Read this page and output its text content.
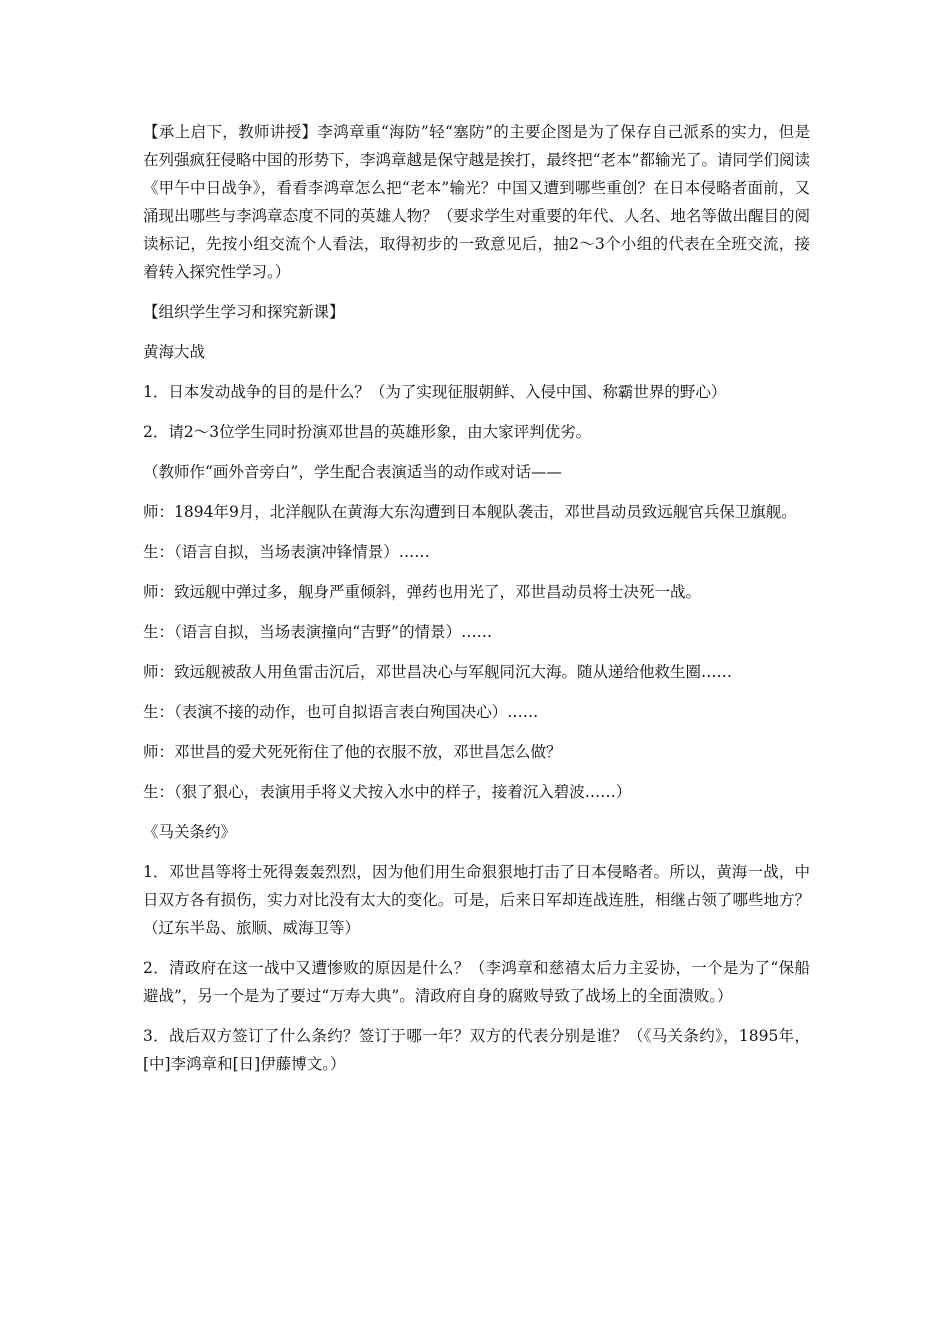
【承上启下，教师讲授】李鸿章重“海防”轻“塞防”的主要企图是为了保存自己派系的实力，但是在列强疯狂侵略中国的形势下，李鸿章越是保守越是挨打，最终把“老本”都输光了。请同学们阅读《甲午中日战争》，看看李鸿章怎么把“老本”输光？中国又遭到哪些重创？在日本侵略者面前，又涌现出哪些与李鸿章态度不同的英雄人物？（要求学生对重要的年代、人名、地名等做出醒目的阅读标记，先按小组交流个人看法，取得初步的一致意见后，抽2～3个小组的代表在全班交流，接着转入探究性学习。）

【组织学生学习和探究新课】

黄海大战

1．日本发动战争的目的是什么？（为了实现征服朝鲜、入侵中国、称霸世界的野心）

2．请2～3位学生同时扮演邓世昌的英雄形象，由大家评判优劣。

（教师作“画外音旁白”，学生配合表演适当的动作或对话——

师：1894年9月，北洋舰队在黄海大东沟遭到日本舰队袭击，邓世昌动员致远舰官兵保卫旗舰。

生：（语言自拟，当场表演冲锋情景）……

师：致远舰中弹过多，舰身严重倾斜，弹药也用光了，邓世昌动员将士决死一战。

生：（语言自拟，当场表演撞向“吉野”的情景）……

师：致远舰被敌人用鱼雷击沉后，邓世昌决心与军舰同沉大海。随从递给他救生圈……

生：（表演不接的动作，也可自拟语言表白殉国决心）……

师：邓世昌的爱犬死死衔住了他的衣服不放，邓世昌怎么做？

生：（狠了狠心，表演用手将义犬按入水中的样子，接着沉入碧波……）

《马关条约》

1．邓世昌等将士死得轰轰烈烈，因为他们用生命狠狠地打击了日本侵略者。所以，黄海一战，中日双方各有损伤，实力对比没有太大的变化。可是，后来日军却连战连胜，相继占领了哪些地方？（辽东半岛、旅顺、威海卫等）

2．清政府在这一战中又遭惨败的原因是什么？（李鸿章和慈禧太后力主妥协，一个是为了“保船避战”，另一个是为了要过“万寿大典”。清政府自身的腐败导致了战场上的全面溃败。）

3．战后双方签订了什么条约？签订于哪一年？双方的代表分别是谁？（《马关条约》，1895年，[中]李鸿章和[日]伊藤博文。）
